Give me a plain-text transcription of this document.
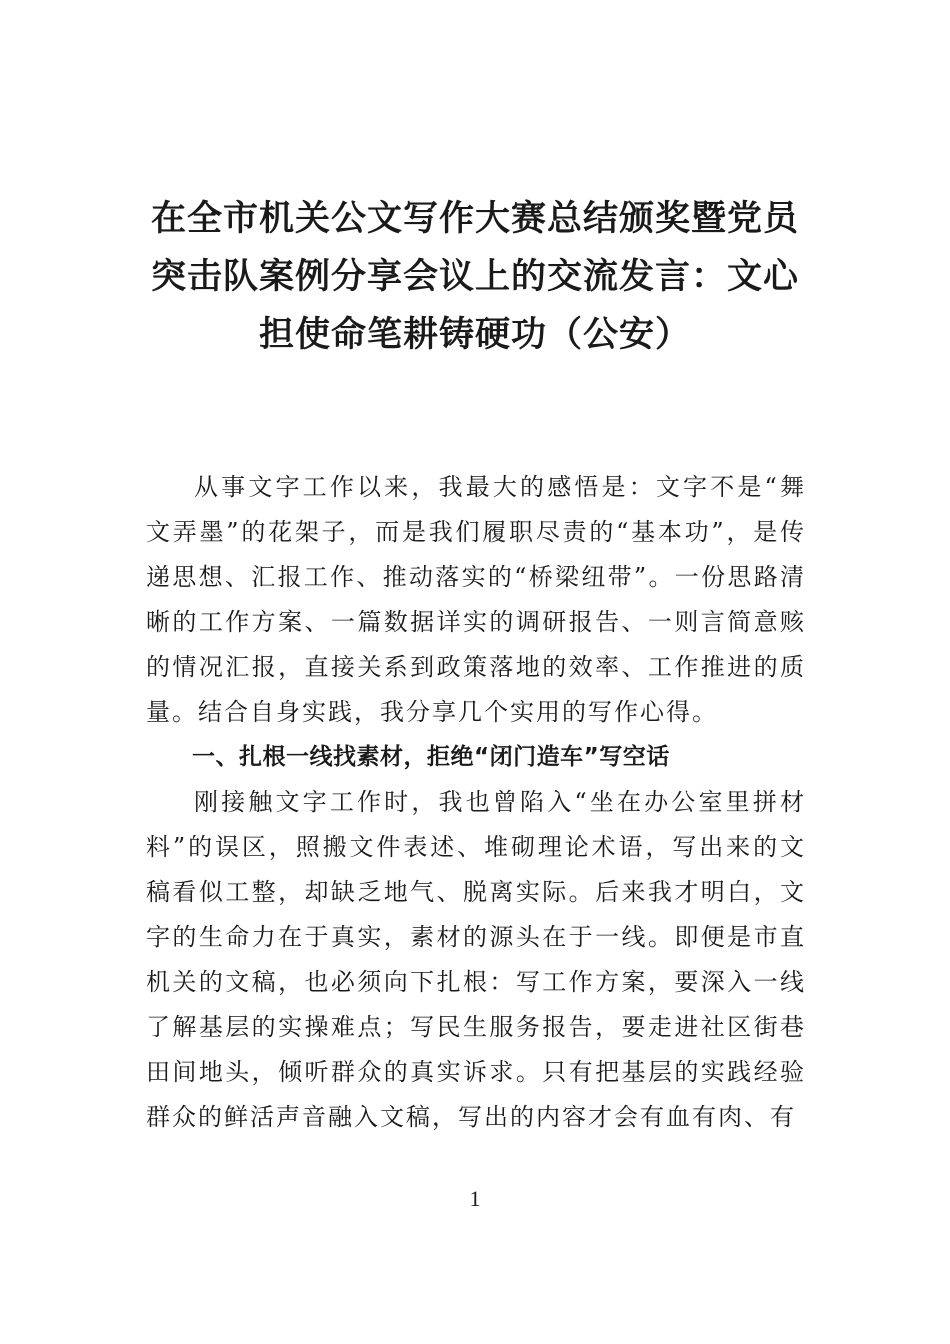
在全市机关公文写作大赛总结颁奖暨党员突击队案例分享会议上的交流发言：文心担使命笔耕铸硬功（公安）

从事文字工作以来，我最大的感悟是：文字不是“舞文弄墨”的花架子，而是我们履职尽责的“基本功”，是传递思想、汇报工作、推动落实的“桥梁纽带”。一份思路清晰的工作方案、一篇数据详实的调研报告、一则言简意赅的情况汇报，直接关系到政策落地的效率、工作推进的质量。结合自身实践，我分享几个实用的写作心得。

一、扎根一线找素材，拒绝“闭门造车”写空话

刚接触文字工作时，我也曾陷入“坐在办公室里拼材料”的误区，照搬文件表述、堆砌理论术语，写出来的文稿看似工整，却缺乏地气、脱离实际。后来我才明白，文字的生命力在于真实，素材的源头在于一线。即便是市直机关的文稿，也必须向下扎根：写工作方案，要深入一线了解基层的实操难点；写民生服务报告，要走进社区街巷田间地头，倾听群众的真实诉求。只有把基层的实践经验群众的鲜活声音融入文稿，写出的内容才会有血有肉、有

1
